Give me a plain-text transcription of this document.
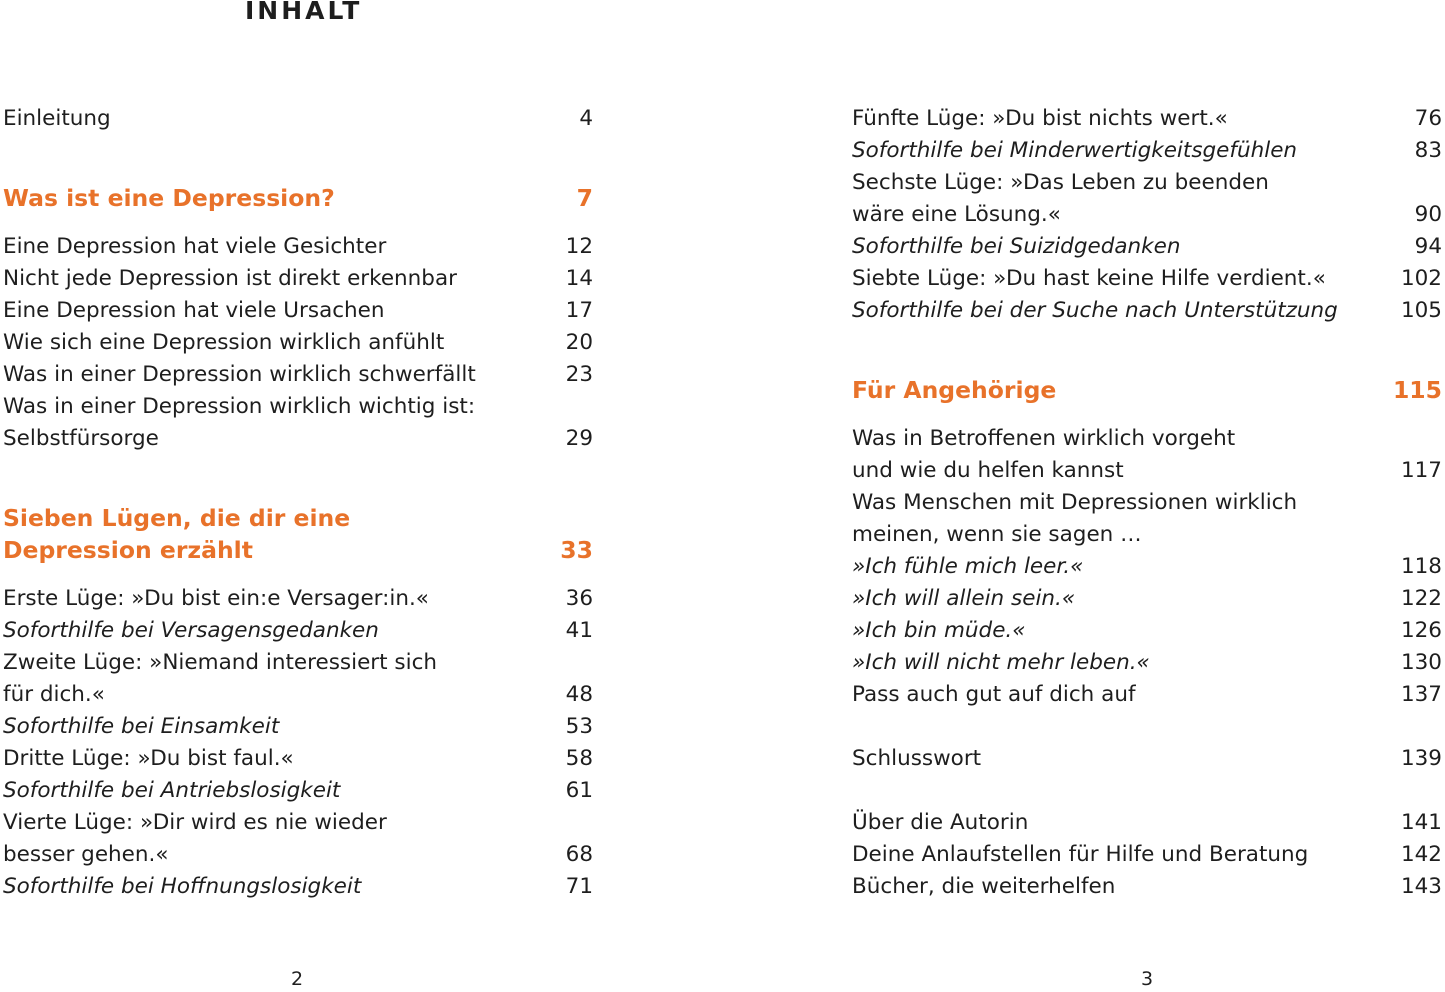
INHALT
Einleitung	4
Was ist eine Depression?	7
Eine Depression hat viele Gesichter	12
Nicht jede Depression ist direkt erkennbar	14
Eine Depression hat viele Ursachen	17
Wie sich eine Depression wirklich anfühlt	20
Was in einer Depression wirklich schwerfällt	23
Was in einer Depression wirklich wichtig ist:
Selbstfürsorge	29
Sieben Lügen, die dir eine
Depression erzählt	33
Erste Lüge: »Du bist ein:e Versager:in.«	36
Soforthilfe bei Versagensgedanken	41
Zweite Lüge: »Niemand interessiert sich
für dich.«	48
Soforthilfe bei Einsamkeit	53
Dritte Lüge: »Du bist faul.«	58
Soforthilfe bei Antriebslosigkeit	61
Vierte Lüge: »Dir wird es nie wieder
besser gehen.«	68
Soforthilfe bei Hoffnungslosigkeit	71
Fünfte Lüge: »Du bist nichts wert.«	76
Soforthilfe bei Minderwertigkeitsgefühlen	83
Sechste Lüge: »Das Leben zu beenden
wäre eine Lösung.«	90
Soforthilfe bei Suizidgedanken	94
Siebte Lüge: »Du hast keine Hilfe verdient.«	102
Soforthilfe bei der Suche nach Unterstützung	105
Für Angehörige	115
Was in Betroffenen wirklich vorgeht
und wie du helfen kannst	117
Was Menschen mit Depressionen wirklich
meinen, wenn sie sagen …
»Ich fühle mich leer.«	118
»Ich will allein sein.«	122
»Ich bin müde.«	126
»Ich will nicht mehr leben.«	130
Pass auch gut auf dich auf	137
Schlusswort	139
Über die Autorin	141
Deine Anlaufstellen für Hilfe und Beratung	142
Bücher, die weiterhelfen	143
2	3
